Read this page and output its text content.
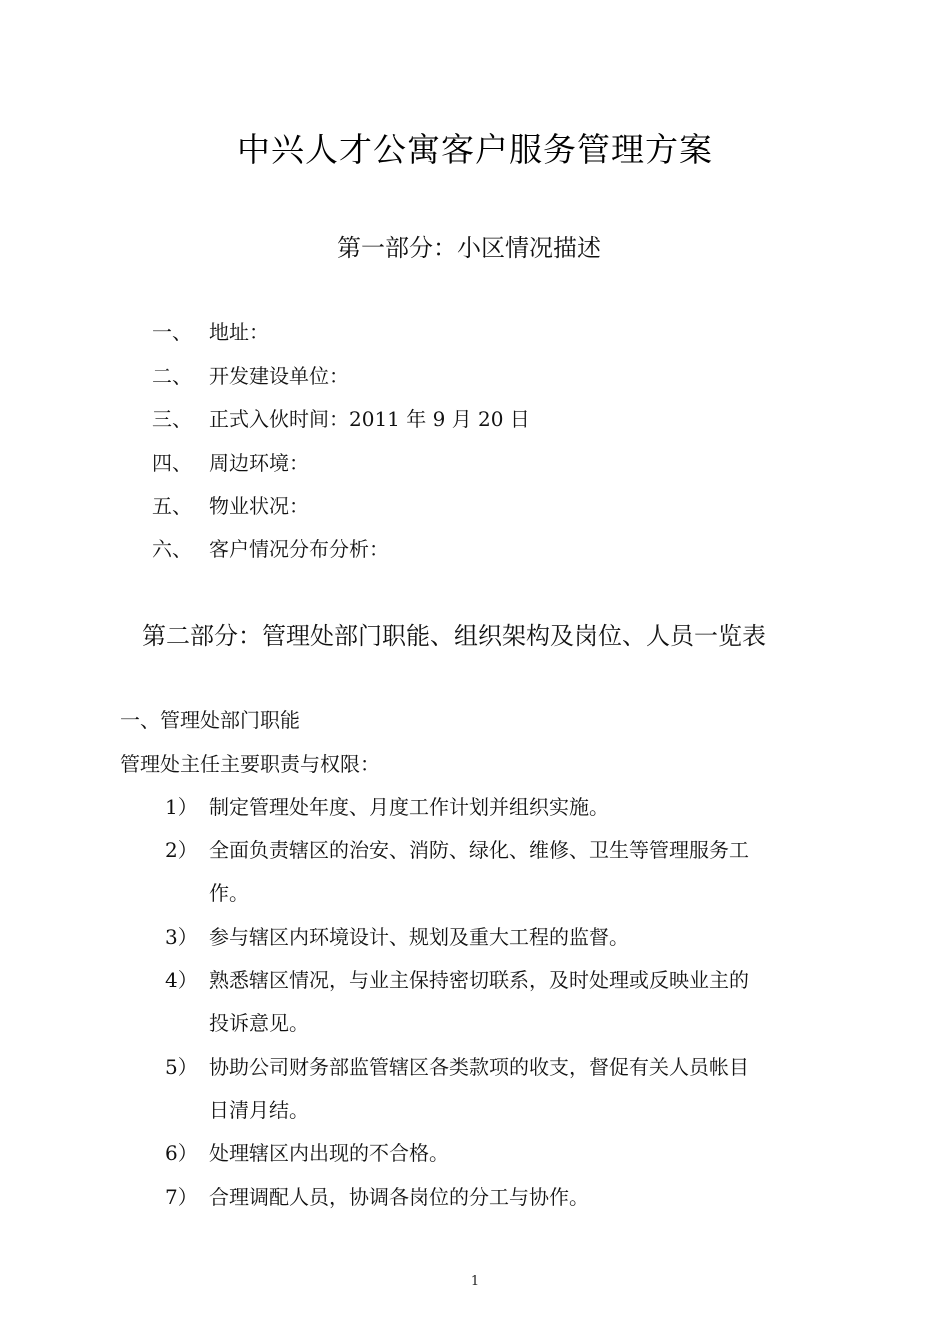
中兴人才公寓客户服务管理方案
第一部分：小区情况描述
一、 地址：
二、 开发建设单位：
三、 正式入伙时间：2011 年 9 月 20 日
四、 周边环境：
五、 物业状况：
六、 客户情况分布分析：
第二部分：管理处部门职能、组织架构及岗位、人员一览表
一、管理处部门职能
管理处主任主要职责与权限：
1） 制定管理处年度、月度工作计划并组织实施。
2） 全面负责辖区的治安、消防、绿化、维修、卫生等管理服务工
作。
3） 参与辖区内环境设计、规划及重大工程的监督。
4） 熟悉辖区情况，与业主保持密切联系，及时处理或反映业主的
投诉意见。
5） 协助公司财务部监管辖区各类款项的收支，督促有关人员帐目
日清月结。
6） 处理辖区内出现的不合格。
7） 合理调配人员，协调各岗位的分工与协作。
1
